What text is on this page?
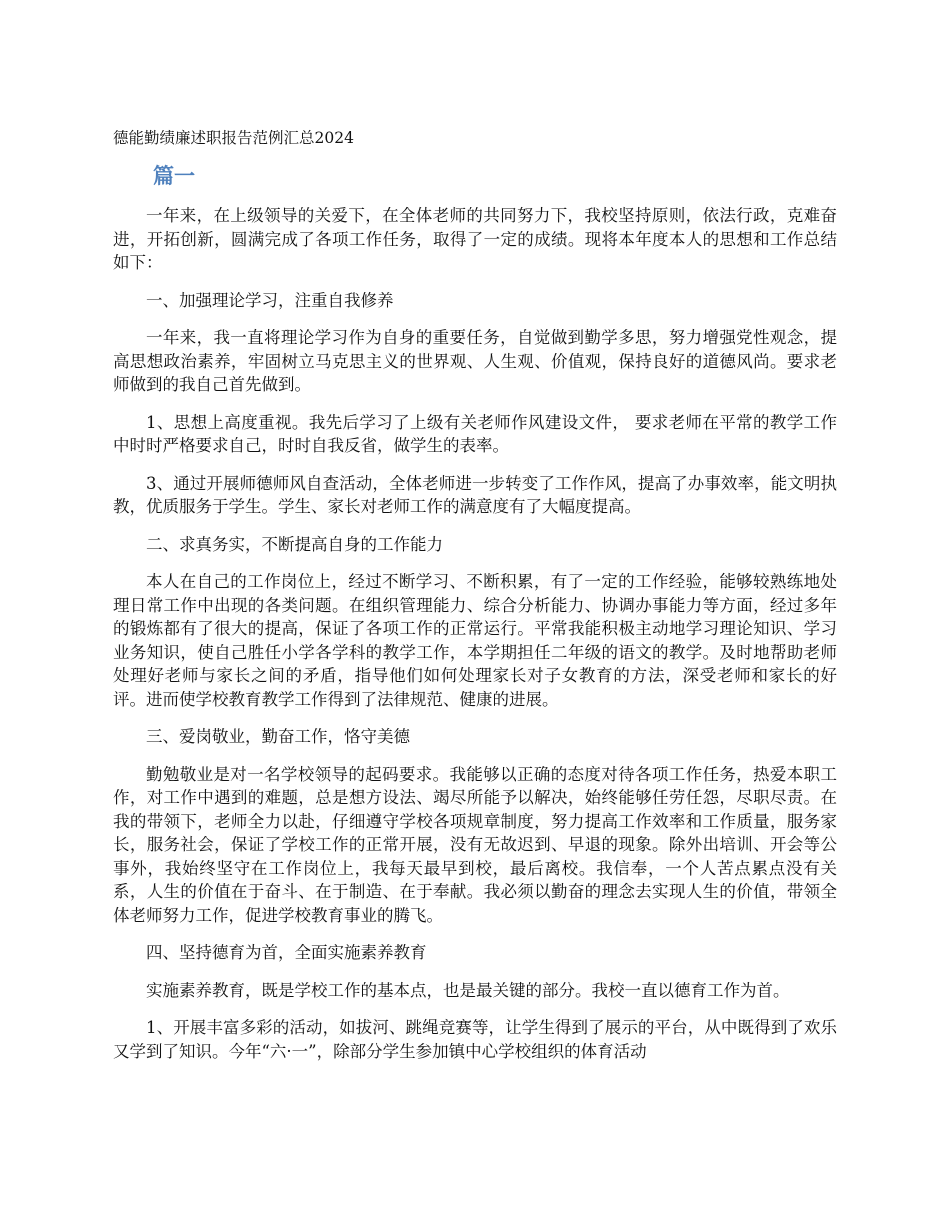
德能勤绩廉述职报告范例汇总2024
篇一

一年来，在上级领导的关爱下，在全体老师的共同努力下，我校坚持原则，依法行政，克难奋进，开拓创新，圆满完成了各项工作任务，取得了一定的成绩。现将本年度本人的思想和工作总结如下：

一、加强理论学习，注重自我修养

一年来，我一直将理论学习作为自身的重要任务，自觉做到勤学多思，努力增强党性观念，提高思想政治素养，牢固树立马克思主义的世界观、人生观、价值观，保持良好的道德风尚。要求老师做到的我自己首先做到。

1、思想上高度重视。我先后学习了上级有关老师作风建设文件， 要求老师在平常的教学工作中时时严格要求自己，时时自我反省，做学生的表率。

3、通过开展师德师风自查活动，全体老师进一步转变了工作作风，提高了办事效率，能文明执教，优质服务于学生。学生、家长对老师工作的满意度有了大幅度提高。

二、求真务实，不断提高自身的工作能力

本人在自己的工作岗位上，经过不断学习、不断积累，有了一定的工作经验，能够较熟练地处理日常工作中出现的各类问题。在组织管理能力、综合分析能力、协调办事能力等方面，经过多年的锻炼都有了很大的提高，保证了各项工作的正常运行。平常我能积极主动地学习理论知识、学习业务知识，使自己胜任小学各学科的教学工作，本学期担任二年级的语文的教学。及时地帮助老师处理好老师与家长之间的矛盾，指导他们如何处理家长对子女教育的方法，深受老师和家长的好评。进而使学校教育教学工作得到了法律规范、健康的进展。

三、爱岗敬业，勤奋工作，恪守美德

勤勉敬业是对一名学校领导的起码要求。我能够以正确的态度对待各项工作任务，热爱本职工作，对工作中遇到的难题，总是想方设法、竭尽所能予以解决，始终能够任劳任怨，尽职尽责。在我的带领下，老师全力以赴，仔细遵守学校各项规章制度，努力提高工作效率和工作质量，服务家长，服务社会，保证了学校工作的正常开展，没有无故迟到、早退的现象。除外出培训、开会等公事外，我始终坚守在工作岗位上，我每天最早到校，最后离校。我信奉，一个人苦点累点没有关系，人生的价值在于奋斗、在于制造、在于奉献。我必须以勤奋的理念去实现人生的价值，带领全体老师努力工作，促进学校教育事业的腾飞。

四、坚持德育为首，全面实施素养教育

实施素养教育，既是学校工作的基本点，也是最关键的部分。我校一直以德育工作为首。

1、开展丰富多彩的活动，如拔河、跳绳竞赛等，让学生得到了展示的平台，从中既得到了欢乐又学到了知识。今年“六·一”，除部分学生参加镇中心学校组织的体育活动
